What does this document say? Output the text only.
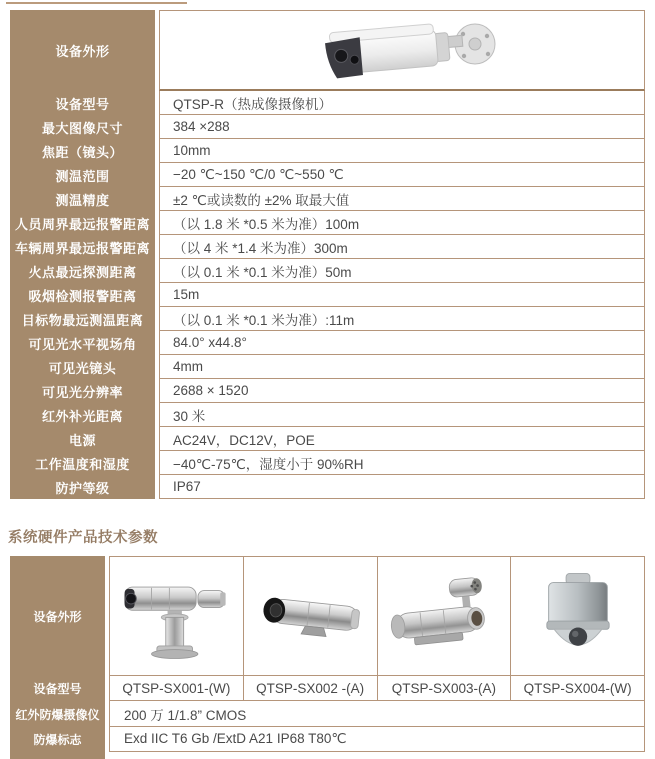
设备外形
设备型号	QTSP-R（热成像摄像机）
最大图像尺寸	384 ×288
焦距（镜头）	10mm
测温范围	−20 ℃~150 ℃/0 ℃~550 ℃
测温精度	±2 ℃或读数的 ±2% 取最大值
人员周界最远报警距离	（以 1.8 米 *0.5 米为准）100m
车辆周界最远报警距离	（以 4 米 *1.4 米为准）300m
火点最远探测距离	（以 0.1 米 *0.1 米为准）50m
吸烟检测报警距离	15m
目标物最远测温距离	（以 0.1 米 *0.1 米为准）:11m
可见光水平视场角	84.0° x44.8°
可见光镜头	4mm
可见光分辨率	2688 × 1520
红外补光距离	30 米
电源	AC24V，DC12V，POE
工作温度和湿度	−40℃-75℃，湿度小于 90%RH
防护等级	IP67
系统硬件产品技术参数
设备外形
设备型号	QTSP-SX001-(W)	QTSP-SX002 -(A)	QTSP-SX003-(A)	QTSP-SX004-(W)
红外防爆摄像仪	200 万 1/1.8” CMOS
防爆标志	Exd IIC T6 Gb /ExtD A21 IP68 T80℃
